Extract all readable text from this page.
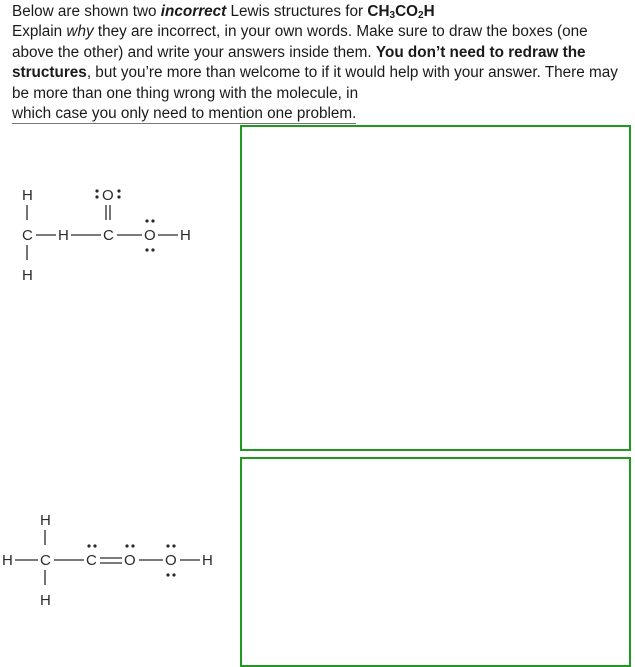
Below are shown two incorrect Lewis structures for $CH_3CO_2H$
Explain why they are incorrect, in your own words. Make sure to draw the boxes (one above the other) and write your answers inside them. You don’t need to redraw the structures, but you’re more than welcome to if it would help with your answer. There may be more than one thing wrong with the molecule, in which case you only need to mention one problem.

H
C
H
H C
O
O H
H
C
H
H	C O O H
